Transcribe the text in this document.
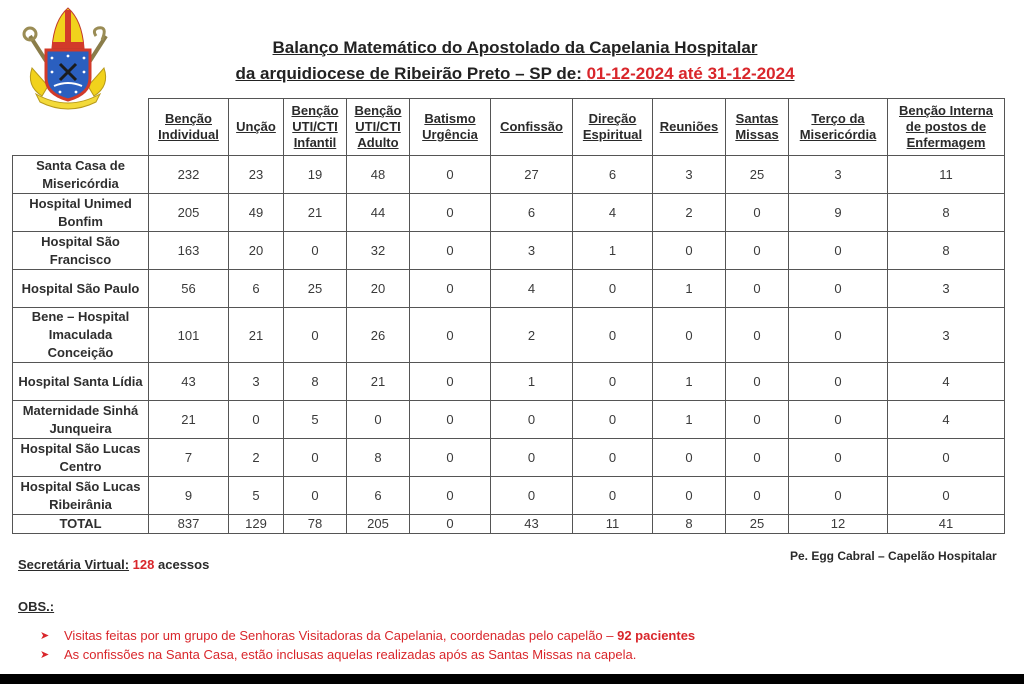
Balanço Matemático do Apostolado da Capelania Hospitalar
da arquidiocese de Ribeirão Preto – SP de: 01-12-2024 até 31-12-2024
	Benção Individual	Unção	Benção UTI/CTI Infantil	Benção UTI/CTI Adulto	Batismo Urgência	Confissão	Direção Espiritual	Reuniões	Santas Missas	Terço da Misericórdia	Benção Interna de postos de Enfermagem
Santa Casa de Misericórdia	232	23	19	48	0	27	6	3	25	3	11
Hospital Unimed Bonfim	205	49	21	44	0	6	4	2	0	9	8
Hospital São Francisco	163	20	0	32	0	3	1	0	0	0	8
Hospital São Paulo	56	6	25	20	0	4	0	1	0	0	3
Bene – Hospital Imaculada Conceição	101	21	0	26	0	2	0	0	0	0	3
Hospital Santa Lídia	43	3	8	21	0	1	0	1	0	0	4
Maternidade Sinhá Junqueira	21	0	5	0	0	0	0	1	0	0	4
Hospital São Lucas Centro	7	2	0	8	0	0	0	0	0	0	0
Hospital São Lucas Ribeirânia	9	5	0	6	0	0	0	0	0	0	0
TOTAL	837	129	78	205	0	43	11	8	25	12	41
Secretária Virtual: 128 acessos
Pe. Egg Cabral – Capelão Hospitalar
OBS.:
➤	Visitas feitas por um grupo de Senhoras Visitadoras da Capelania, coordenadas pelo capelão – 92 pacientes
➤	As confissões na Santa Casa, estão inclusas aquelas realizadas após as Santas Missas na capela.
